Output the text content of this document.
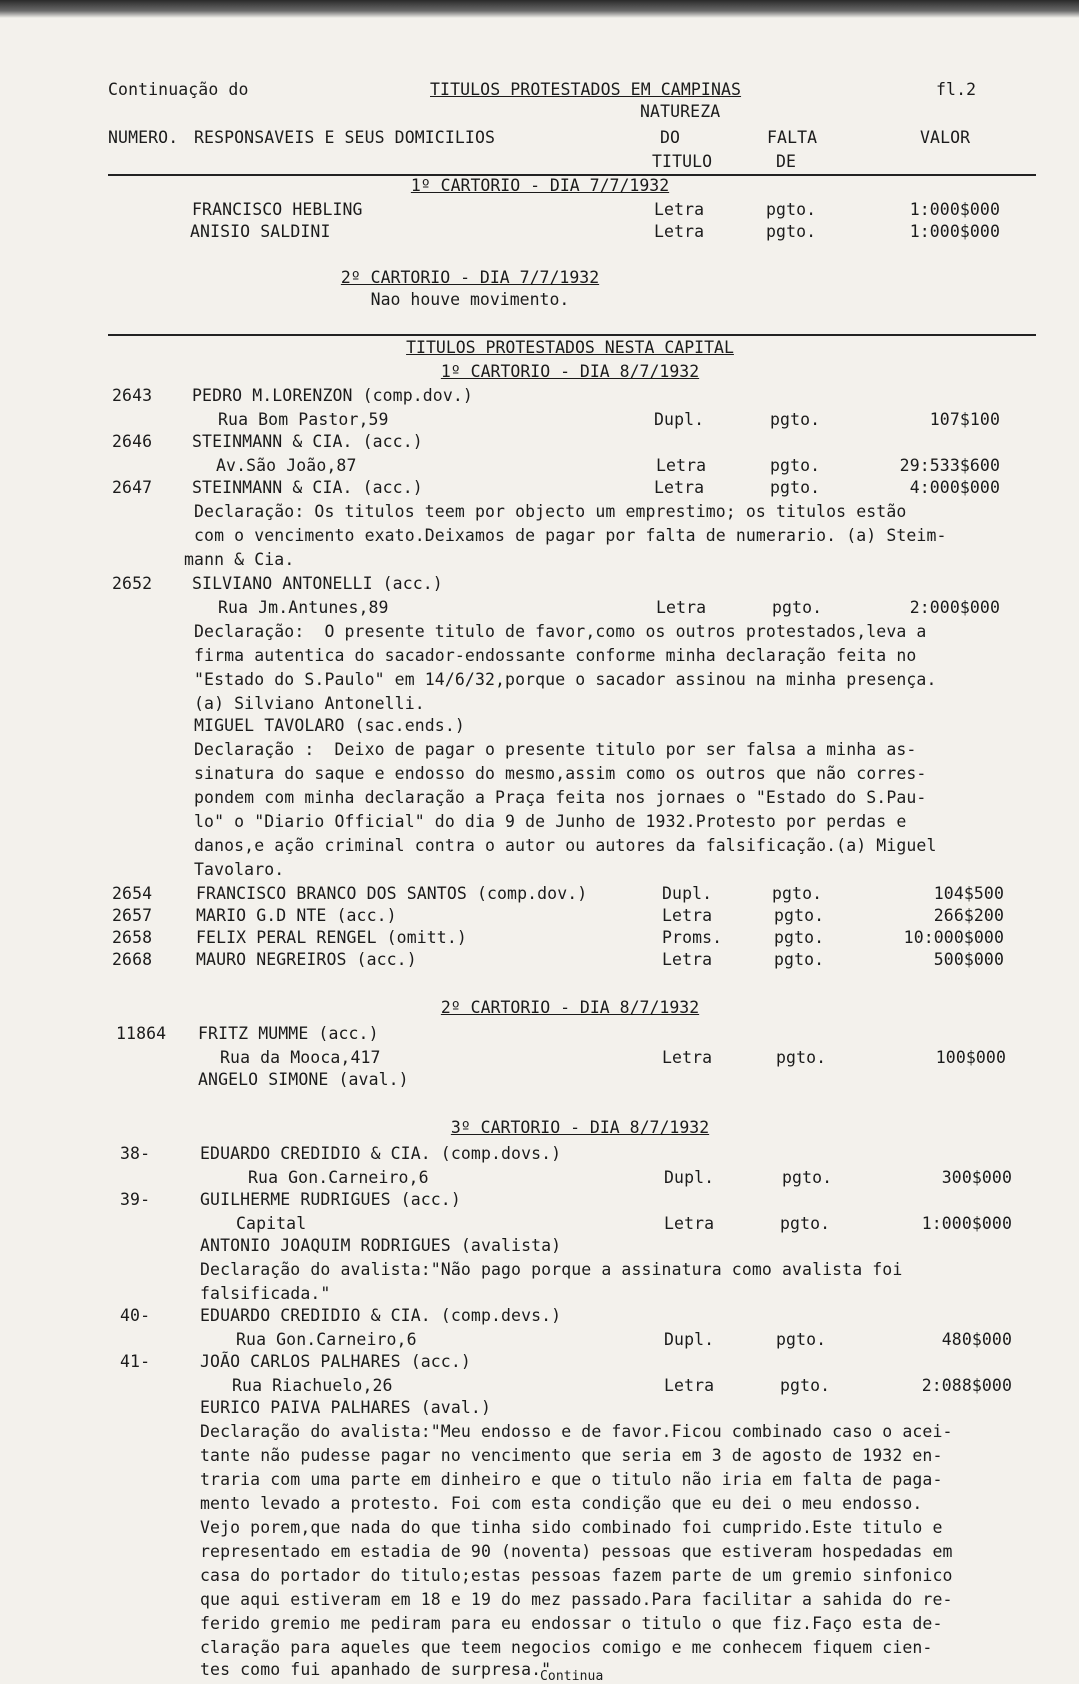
Continuação do	TITULOS PROTESTADOS EM CAMPINAS	fl.2
NATUREZA
NUMERO. RESPONSAVEIS E SEUS DOMICILIOS	DO	FALTA	VALOR
TITULO	DE
1º CARTORIO - DIA 7/7/1932
FRANCISCO HEBLING	Letra	pgto.	1:000$000
ANISIO SALDINI	Letra	pgto.	1:000$000
2º CARTORIO - DIA 7/7/1932
Nao houve movimento.
TITULOS PROTESTADOS NESTA CAPITAL
1º CARTORIO - DIA 8/7/1932
2643 PEDRO M.LORENZON (comp.dov.)
Rua Bom Pastor,59	Dupl.	pgto.	107$100
2646 STEINMANN & CIA. (acc.)
Av.São João,87	Letra	pgto.	29:533$600
2647 STEINMANN & CIA. (acc.)	Letra	pgto.	4:000$000
Declaração: Os titulos teem por objecto um emprestimo; os titulos estão
com o vencimento exato.Deixamos de pagar por falta de numerario. (a) Steim-
mann & Cia.
2652 SILVIANO ANTONELLI (acc.)
Rua Jm.Antunes,89	Letra	pgto.	2:000$000
Declaração:  O presente titulo de favor,como os outros protestados,leva a
firma autentica do sacador-endossante conforme minha declaração feita no
"Estado do S.Paulo" em 14/6/32,porque o sacador assinou na minha presença.
(a) Silviano Antonelli.
MIGUEL TAVOLARO (sac.ends.)
Declaração :  Deixo de pagar o presente titulo por ser falsa a minha as-
sinatura do saque e endosso do mesmo,assim como os outros que não corres-
pondem com minha declaração a Praça feita nos jornaes o "Estado do S.Pau-
lo" o "Diario Official" do dia 9 de Junho de 1932.Protesto por perdas e
danos,e ação criminal contra o autor ou autores da falsificação.(a) Miguel
Tavolaro.
2654	FRANCISCO BRANCO DOS SANTOS (comp.dov.)	Dupl.	pgto.	104$500
2657	MARIO G.D NTE (acc.)	Letra	pgto.	266$200
2658	FELIX PERAL RENGEL (omitt.)	Proms.	pgto.	10:000$000
2668	MAURO NEGREIROS (acc.)	Letra	pgto.	500$000
2º CARTORIO - DIA 8/7/1932
11864 FRITZ MUMME (acc.)
Rua da Mooca,417	Letra	pgto.	100$000
ANGELO SIMONE (aval.)
3º CARTORIO - DIA 8/7/1932
38-	EDUARDO CREDIDIO & CIA. (comp.dovs.)
Rua Gon.Carneiro,6	Dupl.	pgto.	300$000
39-	GUILHERME RUDRIGUES (acc.)
Capital	Letra	pgto.	1:000$000
ANTONIO JOAQUIM RODRIGUES (avalista)
Declaração do avalista:"Não pago porque a assinatura como avalista foi
falsificada."
40-	EDUARDO CREDIDIO & CIA. (comp.devs.)
Rua Gon.Carneiro,6	Dupl.	pgto.	480$000
41-	JOÃO CARLOS PALHARES (acc.)
Rua Riachuelo,26	Letra	pgto.	2:088$000
EURICO PAIVA PALHARES (aval.)
Declaração do avalista:"Meu endosso e de favor.Ficou combinado caso o acei-
tante não pudesse pagar no vencimento que seria em 3 de agosto de 1932 en-
traria com uma parte em dinheiro e que o titulo não iria em falta de paga-
mento levado a protesto. Foi com esta condição que eu dei o meu endosso.
Vejo porem,que nada do que tinha sido combinado foi cumprido.Este titulo e
representado em estadia de 90 (noventa) pessoas que estiveram hospedadas em
casa do portador do titulo;estas pessoas fazem parte de um gremio sinfonico
que aqui estiveram em 18 e 19 do mez passado.Para facilitar a sahida do re-
ferido gremio me pediram para eu endossar o titulo o que fiz.Faço esta de-
claração para aqueles que teem negocios comigo e me conhecem fiquem cien-
tes como fui apanhado de surpresa."
Continua
